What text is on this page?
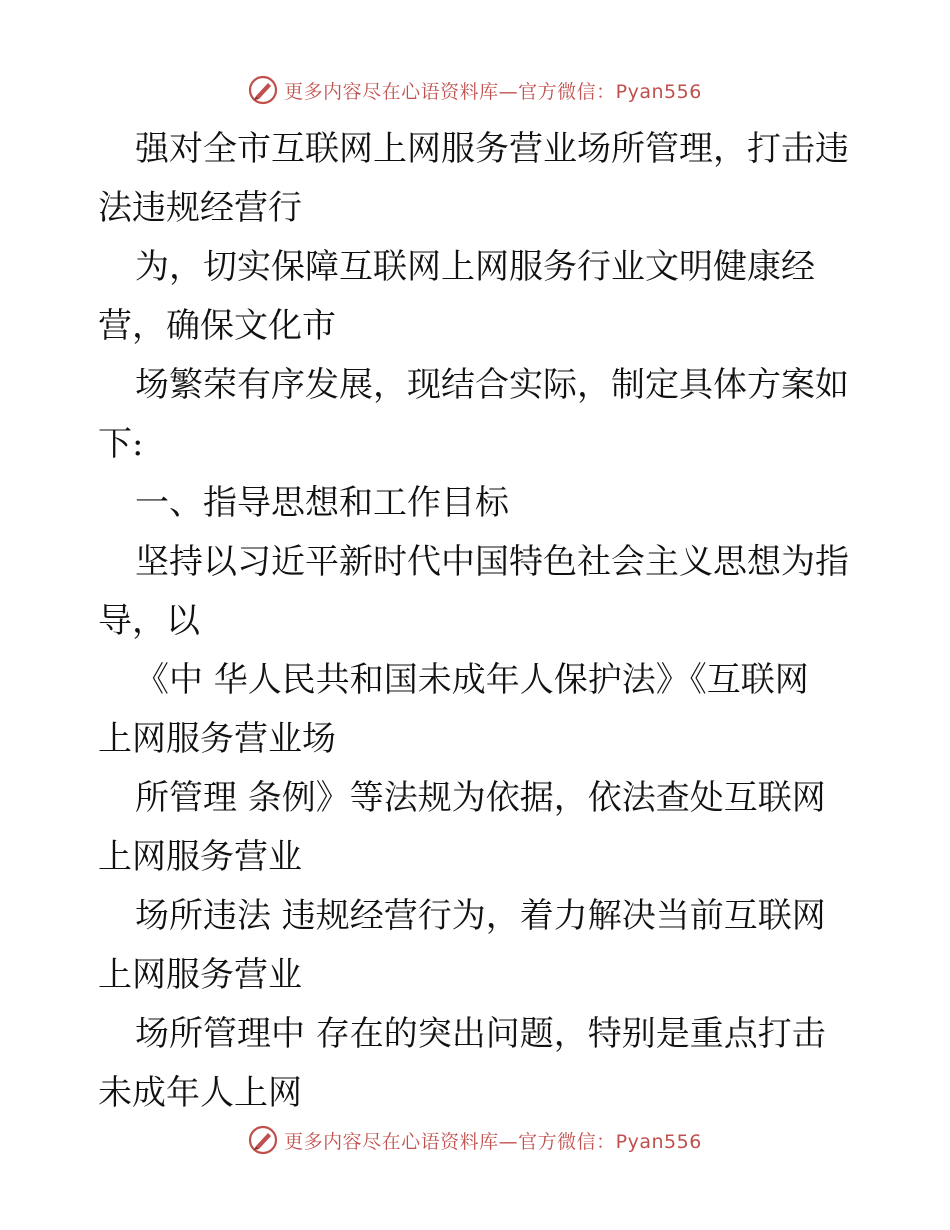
更多内容尽在心语资料库—官方微信：Pyan556

强对全市互联网上网服务营业场所管理，打击违
法违规经营行

为，切实保障互联网上网服务行业文明健康经
营，确保文化市

场繁荣有序发展，现结合实际，制定具体方案如
下:

一、指导思想和工作目标

坚持以习近平新时代中国特色社会主义思想为指
导，以

《中 华人民共和国未成年人保护法》《互联网
上网服务营业场

所管理 条例》等法规为依据，依法查处互联网
上网服务营业

场所违法 违规经营行为，着力解决当前互联网
上网服务营业

场所管理中 存在的突出问题，特别是重点打击
未成年人上网

更多内容尽在心语资料库—官方微信：Pyan556
